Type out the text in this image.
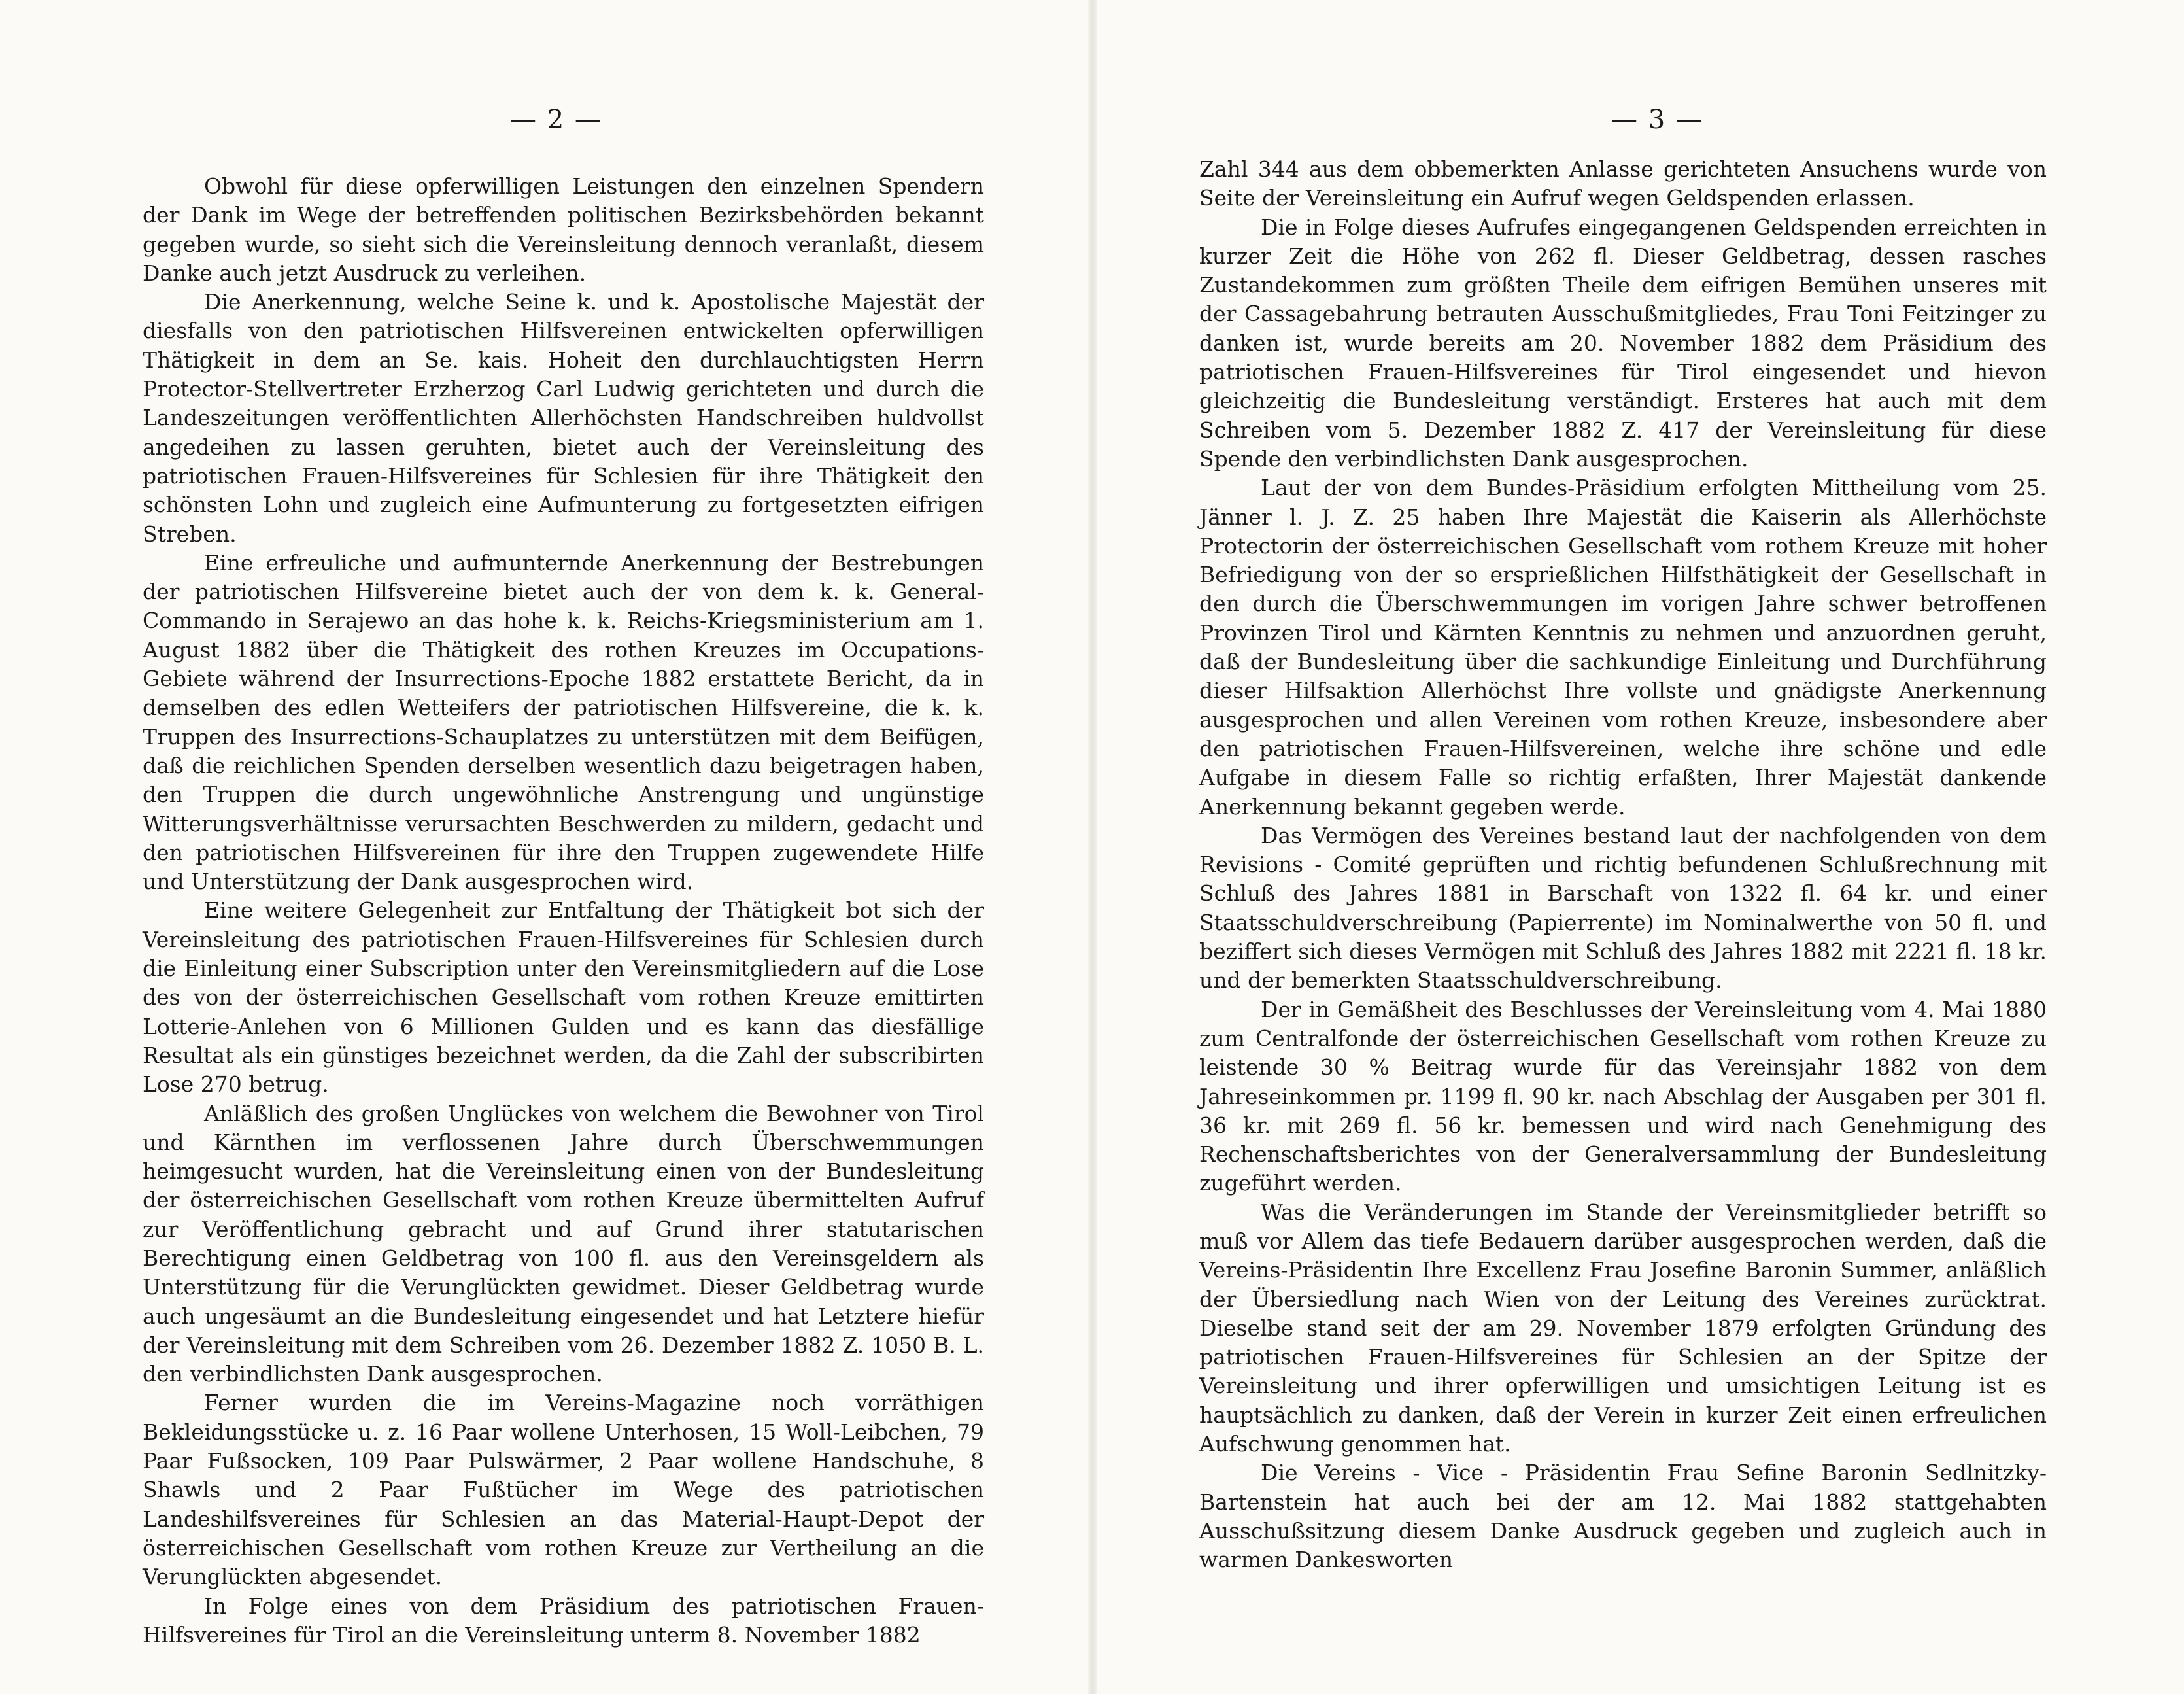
— 2 —

Obwohl für diese opferwilligen Leistungen den einzelnen Spendern der Dank im Wege der betreffenden politischen Bezirksbehörden bekannt gegeben wurde, so sieht sich die Vereinsleitung dennoch veranlaßt, diesem Danke auch jetzt Ausdruck zu verleihen.

Die Anerkennung, welche Seine k. und k. Apostolische Majestät der diesfalls von den patriotischen Hilfsvereinen entwickelten opferwilligen Thätigkeit in dem an Se. kais. Hoheit den durchlauchtigsten Herrn Protector-Stellvertreter Erzherzog Carl Ludwig gerichteten und durch die Landeszeitungen veröffentlichten Allerhöchsten Handschreiben huldvollst angedeihen zu lassen geruhten, bietet auch der Vereinsleitung des patriotischen Frauen-Hilfsvereines für Schlesien für ihre Thätigkeit den schönsten Lohn und zugleich eine Aufmunterung zu fortgesetzten eifrigen Streben.

Eine erfreuliche und aufmunternde Anerkennung der Bestrebungen der patriotischen Hilfsvereine bietet auch der von dem k. k. General-Commando in Serajewo an das hohe k. k. Reichs-Kriegsministerium am 1. August 1882 über die Thätigkeit des rothen Kreuzes im Occupations-Gebiete während der Insurrections-Epoche 1882 erstattete Bericht, da in demselben des edlen Wetteifers der patriotischen Hilfsvereine, die k. k. Truppen des Insurrections-Schauplatzes zu unterstützen mit dem Beifügen, daß die reichlichen Spenden derselben wesentlich dazu beigetragen haben, den Truppen die durch ungewöhnliche Anstrengung und ungünstige Witterungsverhältnisse verursachten Beschwerden zu mildern, gedacht und den patriotischen Hilfsvereinen für ihre den Truppen zugewendete Hilfe und Unterstützung der Dank ausgesprochen wird.

Eine weitere Gelegenheit zur Entfaltung der Thätigkeit bot sich der Vereinsleitung des patriotischen Frauen-Hilfsvereines für Schlesien durch die Einleitung einer Subscription unter den Vereinsmitgliedern auf die Lose des von der österreichischen Gesellschaft vom rothen Kreuze emittirten Lotterie-Anlehen von 6 Millionen Gulden und es kann das diesfällige Resultat als ein günstiges bezeichnet werden, da die Zahl der subscribirten Lose 270 betrug.

Anläßlich des großen Unglückes von welchem die Bewohner von Tirol und Kärnthen im verflossenen Jahre durch Überschwemmungen heimgesucht wurden, hat die Vereinsleitung einen von der Bundesleitung der österreichischen Gesellschaft vom rothen Kreuze übermittelten Aufruf zur Veröffentlichung gebracht und auf Grund ihrer statutarischen Berechtigung einen Geldbetrag von 100 fl. aus den Vereinsgeldern als Unterstützung für die Verunglückten gewidmet. Dieser Geldbetrag wurde auch ungesäumt an die Bundesleitung eingesendet und hat Letztere hiefür der Vereinsleitung mit dem Schreiben vom 26. Dezember 1882 Z. 1050 B. L. den verbindlichsten Dank ausgesprochen.

Ferner wurden die im Vereins-Magazine noch vorräthigen Bekleidungsstücke u. z. 16 Paar wollene Unterhosen, 15 Woll-Leibchen, 79 Paar Fußsocken, 109 Paar Pulswärmer, 2 Paar wollene Handschuhe, 8 Shawls und 2 Paar Fußtücher im Wege des patriotischen Landeshilfsvereines für Schlesien an das Material-Haupt-Depot der österreichischen Gesellschaft vom rothen Kreuze zur Vertheilung an die Verunglückten abgesendet.

In Folge eines von dem Präsidium des patriotischen Frauen-Hilfsvereines für Tirol an die Vereinsleitung unterm 8. November 1882

— 3 —

Zahl 344 aus dem obbemerkten Anlasse gerichteten Ansuchens wurde von Seite der Vereinsleitung ein Aufruf wegen Geldspenden erlassen.

Die in Folge dieses Aufrufes eingegangenen Geldspenden erreichten in kurzer Zeit die Höhe von 262 fl. Dieser Geldbetrag, dessen rasches Zustandekommen zum größten Theile dem eifrigen Bemühen unseres mit der Cassagebahrung betrauten Ausschußmitgliedes, Frau Toni Feitzinger zu danken ist, wurde bereits am 20. November 1882 dem Präsidium des patriotischen Frauen-Hilfsvereines für Tirol eingesendet und hievon gleichzeitig die Bundesleitung verständigt. Ersteres hat auch mit dem Schreiben vom 5. Dezember 1882 Z. 417 der Vereinsleitung für diese Spende den verbindlichsten Dank ausgesprochen.

Laut der von dem Bundes-Präsidium erfolgten Mittheilung vom 25. Jänner l. J. Z. 25 haben Ihre Majestät die Kaiserin als Allerhöchste Protectorin der österreichischen Gesellschaft vom rothem Kreuze mit hoher Befriedigung von der so ersprießlichen Hilfsthätigkeit der Gesellschaft in den durch die Überschwemmungen im vorigen Jahre schwer betroffenen Provinzen Tirol und Kärnten Kenntnis zu nehmen und anzuordnen geruht, daß der Bundesleitung über die sachkundige Einleitung und Durchführung dieser Hilfsaktion Allerhöchst Ihre vollste und gnädigste Anerkennung ausgesprochen und allen Vereinen vom rothen Kreuze, insbesondere aber den patriotischen Frauen-Hilfsvereinen, welche ihre schöne und edle Aufgabe in diesem Falle so richtig erfaßten, Ihrer Majestät dankende Anerkennung bekannt gegeben werde.

Das Vermögen des Vereines bestand laut der nachfolgenden von dem Revisions - Comité geprüften und richtig befundenen Schlußrechnung mit Schluß des Jahres 1881 in Barschaft von 1322 fl. 64 kr. und einer Staatsschuldverschreibung (Papierrente) im Nominalwerthe von 50 fl. und beziffert sich dieses Vermögen mit Schluß des Jahres 1882 mit 2221 fl. 18 kr. und der bemerkten Staatsschuldverschreibung.

Der in Gemäßheit des Beschlusses der Vereinsleitung vom 4. Mai 1880 zum Centralfonde der österreichischen Gesellschaft vom rothen Kreuze zu leistende 30 % Beitrag wurde für das Vereinsjahr 1882 von dem Jahreseinkommen pr. 1199 fl. 90 kr. nach Abschlag der Ausgaben per 301 fl. 36 kr. mit 269 fl. 56 kr. bemessen und wird nach Genehmigung des Rechenschaftsberichtes von der Generalversammlung der Bundesleitung zugeführt werden.

Was die Veränderungen im Stande der Vereinsmitglieder betrifft so muß vor Allem das tiefe Bedauern darüber ausgesprochen werden, daß die Vereins-Präsidentin Ihre Excellenz Frau Josefine Baronin Summer, anläßlich der Übersiedlung nach Wien von der Leitung des Vereines zurücktrat. Dieselbe stand seit der am 29. November 1879 erfolgten Gründung des patriotischen Frauen-Hilfsvereines für Schlesien an der Spitze der Vereinsleitung und ihrer opferwilligen und umsichtigen Leitung ist es hauptsächlich zu danken, daß der Verein in kurzer Zeit einen erfreulichen Aufschwung genommen hat.

Die Vereins - Vice - Präsidentin Frau Sefine Baronin Sedlnitzky-Bartenstein hat auch bei der am 12. Mai 1882 stattgehabten Ausschußsitzung diesem Danke Ausdruck gegeben und zugleich auch in warmen Dankesworten
